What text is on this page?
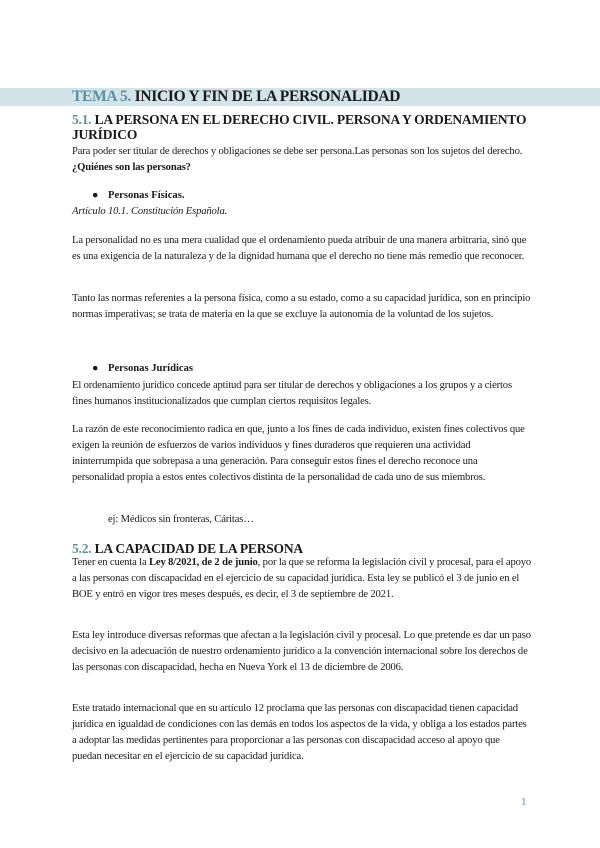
TEMA 5. INICIO Y FIN DE LA PERSONALIDAD
5.1. LA PERSONA EN EL DERECHO CIVIL. PERSONA Y ORDENAMIENTO JURÍDICO
Para poder ser titular de derechos y obligaciones se debe ser persona.Las personas son los sujetos del derecho. ¿Quiénes son las personas?
● Personas Físicas.
Artículo 10.1. Constitución Española.
La personalidad no es una mera cualidad que el ordenamiento pueda atribuir de una manera arbitraria, sinó que es una exigencia de la naturaleza y de la dignidad humana que el derecho no tiene más remedio que reconocer.
Tanto las normas referentes a la persona física, como a su estado, como a su capacidad jurídica, son en principio normas imperativas; se trata de materia en la que se excluye la autonomía de la voluntad de los sujetos.
● Personas Jurídicas
El ordenamiento jurídico concede aptitud para ser titular de derechos y obligaciones a los grupos y a ciertos fines humanos institucionalizados que cumplan ciertos requisitos legales.
La razón de este reconocimiento radica en que, junto a los fines de cada individuo, existen fines colectivos que exigen la reunión de esfuerzos de varios individuos y fines duraderos que requieren una actividad ininterrumpida que sobrepasa a una generación. Para conseguir estos fines el derecho reconoce una personalidad propia a estos entes colectivos distinta de la personalidad de cada uno de sus miembros.
ej: Médicos sin fronteras, Cáritas…
5.2. LA CAPACIDAD DE LA PERSONA
Tener en cuenta la Ley 8/2021, de 2 de junio, por la que se reforma la legislación civil y procesal, para el apoyo a las personas con discapacidad en el ejercicio de su capacidad jurídica. Esta ley se publicó el 3 de junio en el BOE y entró en vigor tres meses después, es decir, el 3 de septiembre de 2021.
Esta ley introduce diversas reformas que afectan a la legislación civil y procesal. Lo que pretende es dar un paso decisivo en la adecuación de nuestro ordenamiento jurídico a la convención internacional sobre los derechos de las personas con discapacidad, hecha en Nueva York el 13 de diciembre de 2006.
Este tratado internacional que en su artículo 12 proclama que las personas con discapacidad tienen capacidad jurídica en igualdad de condiciones con las demás en todos los aspectos de la vida, y obliga a los estados partes a adoptar las medidas pertinentes para proporcionar a las personas con discapacidad acceso al apoyo que puedan necesitar en el ejercicio de su capacidad jurídica.
1
